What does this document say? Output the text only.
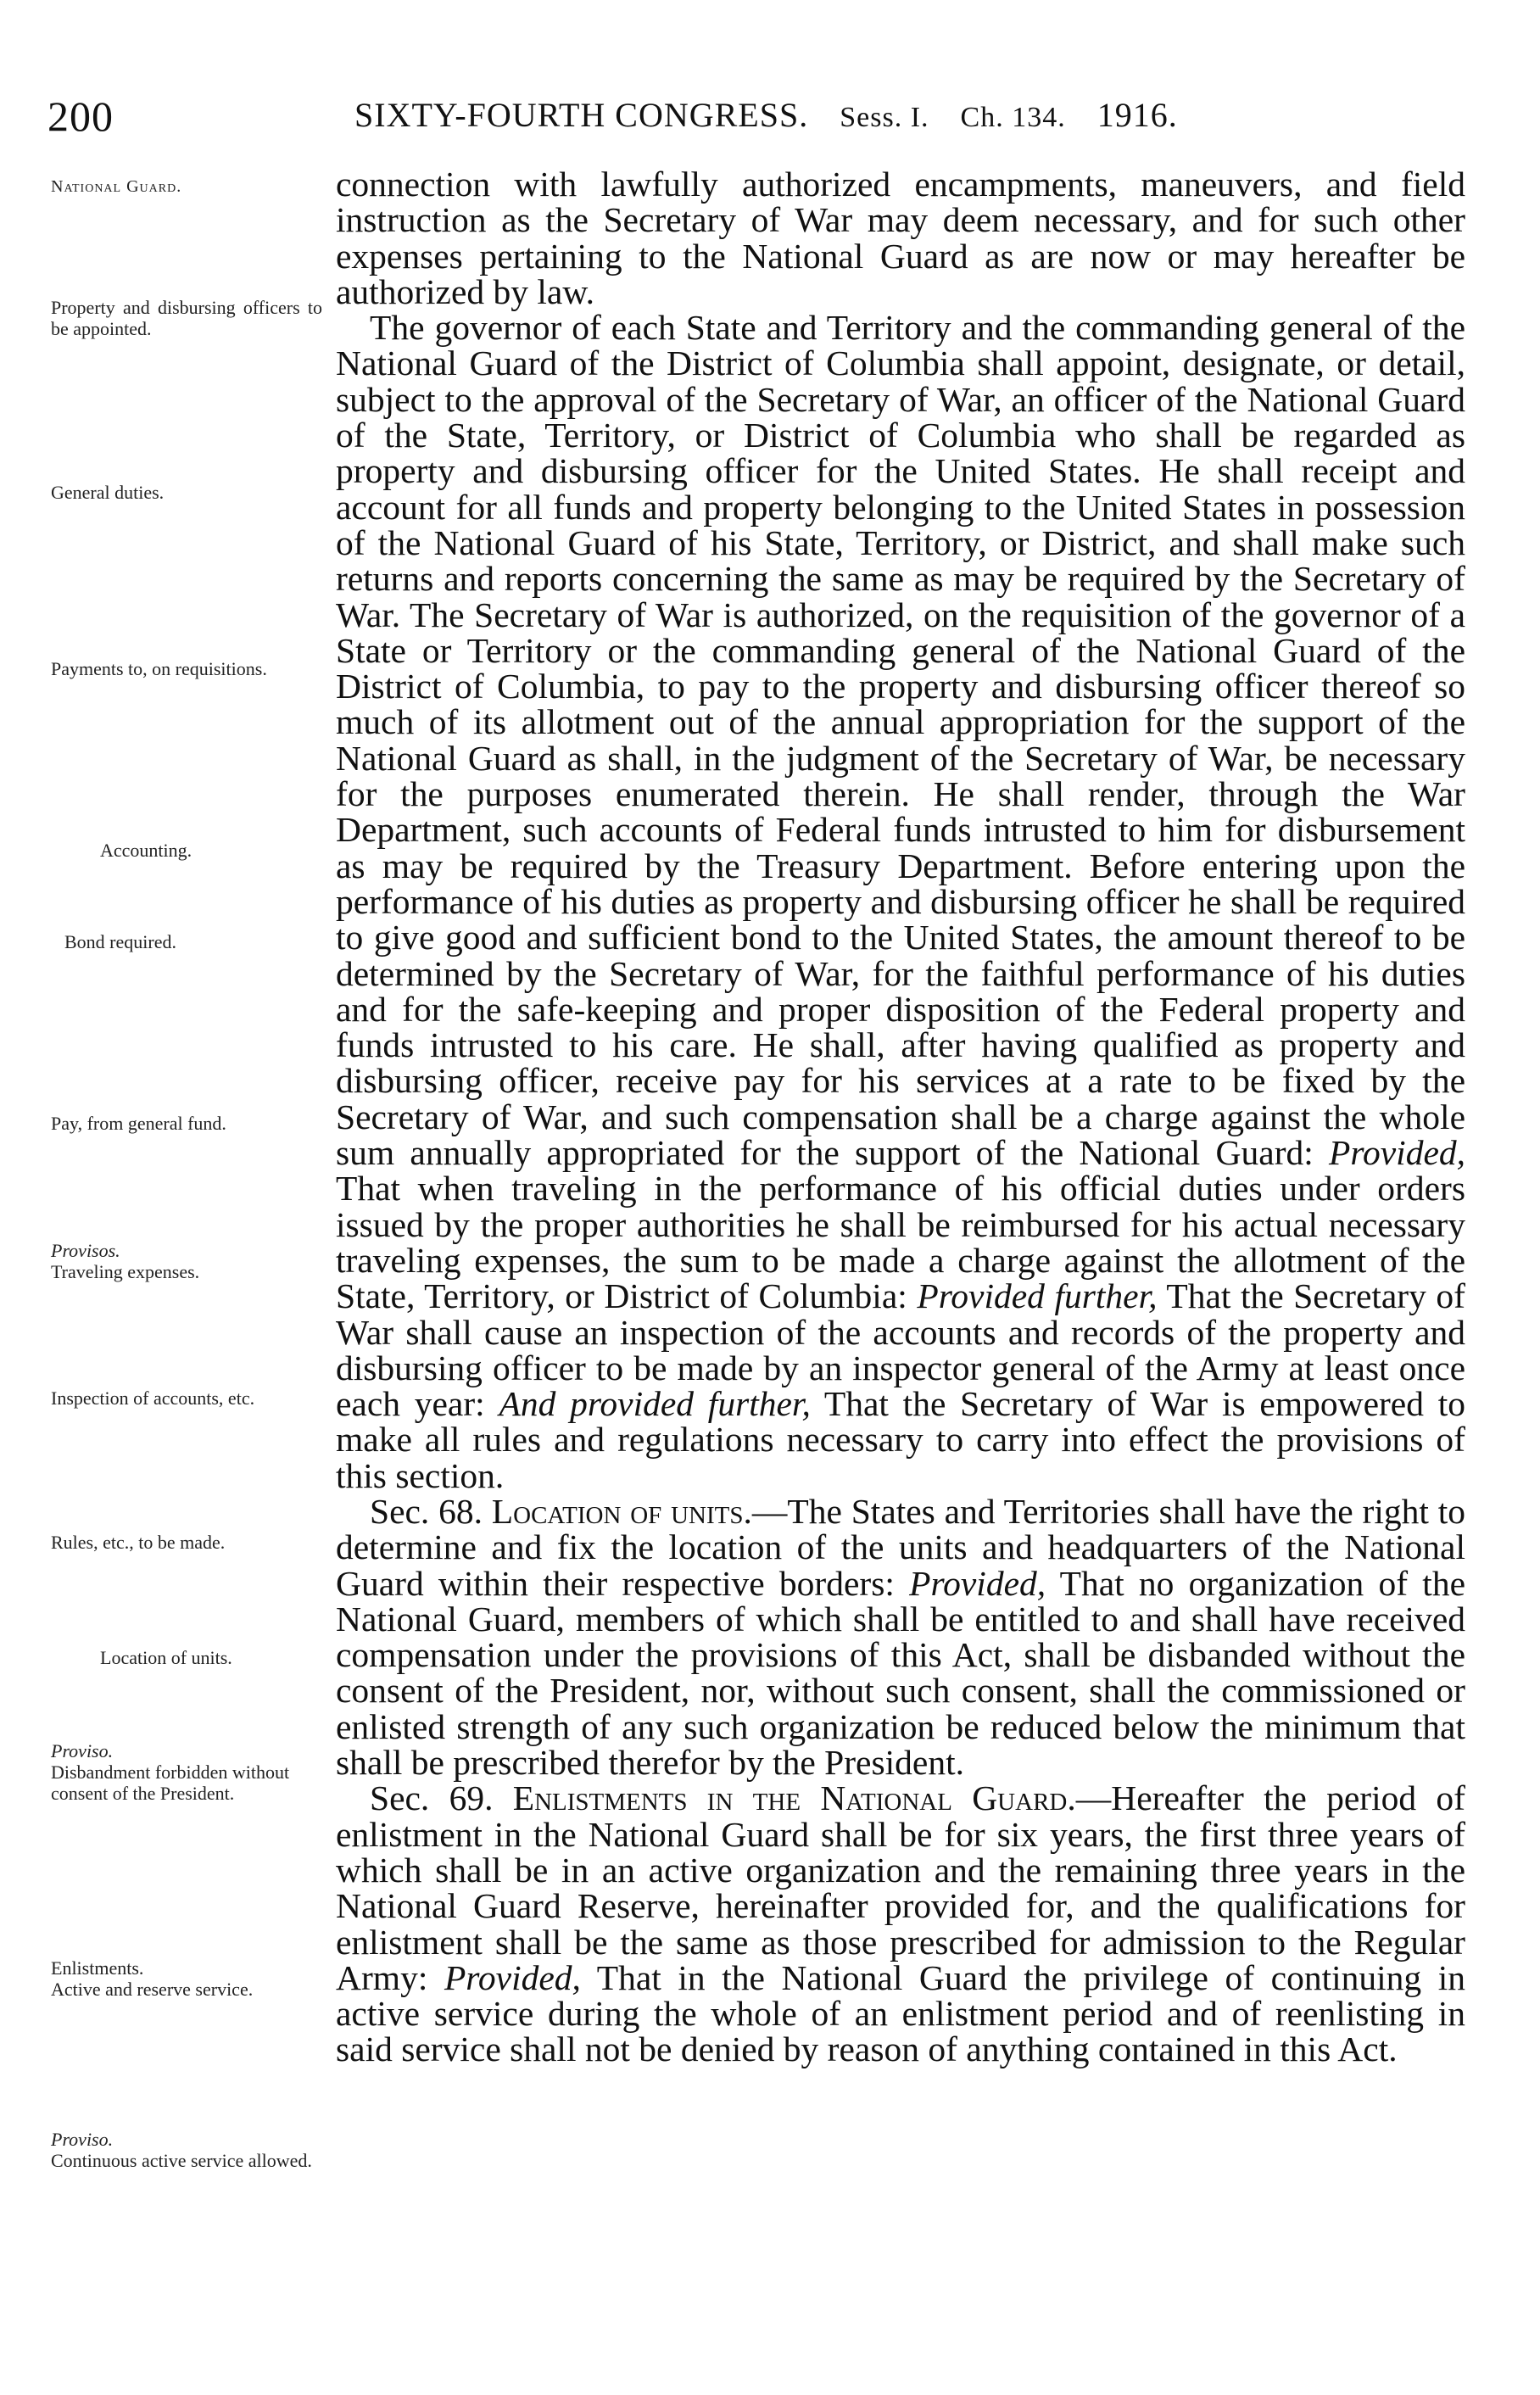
200	SIXTY-FOURTH CONGRESS. Sess. I. Ch. 134. 1916.
National Guard.
Property and disbursing officers to be appointed.
General duties.
Payments to, on requisitions.
Accounting.
Bond required.
Pay, from general fund.
Provisos.
Traveling expenses.
Inspection of accounts, etc.
Rules, etc., to be made.
Location of units.
Proviso.
Disbandment forbidden without consent of the President.
Enlistments.
Active and reserve service.
Proviso.
Continuous active service allowed.

connection with lawfully authorized encampments, maneuvers, and field instruction as the Secretary of War may deem necessary, and for such other expenses pertaining to the National Guard as are now or may hereafter be authorized by law.

The governor of each State and Territory and the commanding general of the National Guard of the District of Columbia shall appoint, designate, or detail, subject to the approval of the Secretary of War, an officer of the National Guard of the State, Territory, or District of Columbia who shall be regarded as property and disbursing officer for the United States. He shall receipt and account for all funds and property belonging to the United States in possession of the National Guard of his State, Territory, or District, and shall make such returns and reports concerning the same as may be required by the Secretary of War. The Secretary of War is authorized, on the requisition of the governor of a State or Territory or the commanding general of the National Guard of the District of Columbia, to pay to the property and disbursing officer thereof so much of its allotment out of the annual appropriation for the support of the National Guard as shall, in the judgment of the Secretary of War, be necessary for the purposes enumerated therein. He shall render, through the War Department, such accounts of Federal funds intrusted to him for disbursement as may be required by the Treasury Department. Before entering upon the performance of his duties as property and disbursing officer he shall be required to give good and sufficient bond to the United States, the amount thereof to be determined by the Secretary of War, for the faithful performance of his duties and for the safe-keeping and proper disposition of the Federal property and funds intrusted to his care. He shall, after having qualified as property and disbursing officer, receive pay for his services at a rate to be fixed by the Secretary of War, and such compensation shall be a charge against the whole sum annually appropriated for the support of the National Guard: Provided, That when traveling in the performance of his official duties under orders issued by the proper authorities he shall be reimbursed for his actual necessary traveling expenses, the sum to be made a charge against the allotment of the State, Territory, or District of Columbia: Provided further, That the Secretary of War shall cause an inspection of the accounts and records of the property and disbursing officer to be made by an inspector general of the Army at least once each year: And provided further, That the Secretary of War is empowered to make all rules and regulations necessary to carry into effect the provisions of this section.

Sec. 68. Location of units.—The States and Territories shall have the right to determine and fix the location of the units and headquarters of the National Guard within their respective borders: Provided, That no organization of the National Guard, members of which shall be entitled to and shall have received compensation under the provisions of this Act, shall be disbanded without the consent of the President, nor, without such consent, shall the commissioned or enlisted strength of any such organization be reduced below the minimum that shall be prescribed therefor by the President.

Sec. 69. Enlistments in the National Guard.—Hereafter the period of enlistment in the National Guard shall be for six years, the first three years of which shall be in an active organization and the remaining three years in the National Guard Reserve, hereinafter provided for, and the qualifications for enlistment shall be the same as those prescribed for admission to the Regular Army: Provided, That in the National Guard the privilege of continuing in active service during the whole of an enlistment period and of reenlisting in said service shall not be denied by reason of anything contained in this Act.
